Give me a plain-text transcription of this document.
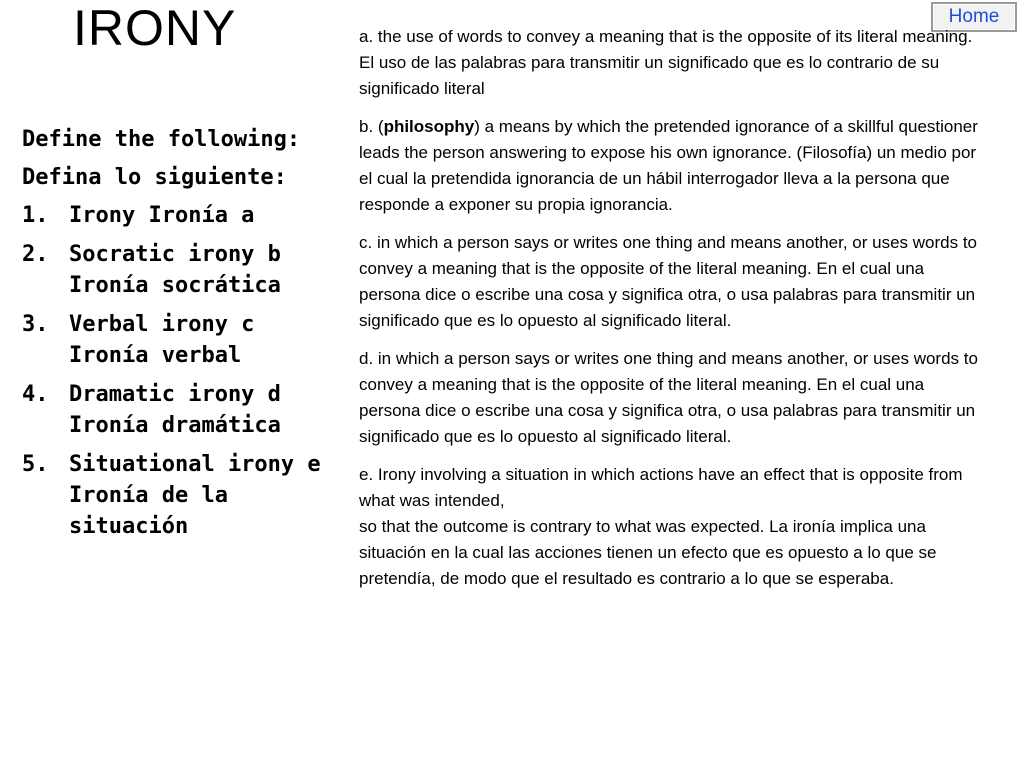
IRONY	Home
Define the following:
Defina lo siguiente:
1. Irony Ironía a
2. Socratic irony b Ironía socrática
3. Verbal irony c Ironía verbal
4. Dramatic irony d Ironía dramática
5. Situational irony e Ironía de la situación

a. the use of words to convey a meaning that is the opposite of its literal meaning. El uso de las palabras para transmitir un significado que es lo contrario de su significado literal

b. (philosophy) a means by which the pretended ignorance of a skillful questioner leads the person answering to expose his own ignorance. (Filosofía) un medio por el cual la pretendida ignorancia de un hábil interrogador lleva a la persona que responde a exponer su propia ignorancia.

c. in which a person says or writes one thing and means another, or uses words to convey a meaning that is the opposite of the literal meaning. En el cual una persona dice o escribe una cosa y significa otra, o usa palabras para transmitir un significado que es lo opuesto al significado literal.

d. in which a person says or writes one thing and means another, or uses words to convey a meaning that is the opposite of the literal meaning. En el cual una persona dice o escribe una cosa y significa otra, o usa palabras para transmitir un significado que es lo opuesto al significado literal.

e. Irony involving a situation in which actions have an effect that is opposite from what was intended,
so that the outcome is contrary to what was expected. La ironía implica una situación en la cual las acciones tienen un efecto que es opuesto a lo que se pretendía, de modo que el resultado es contrario a lo que se esperaba.
